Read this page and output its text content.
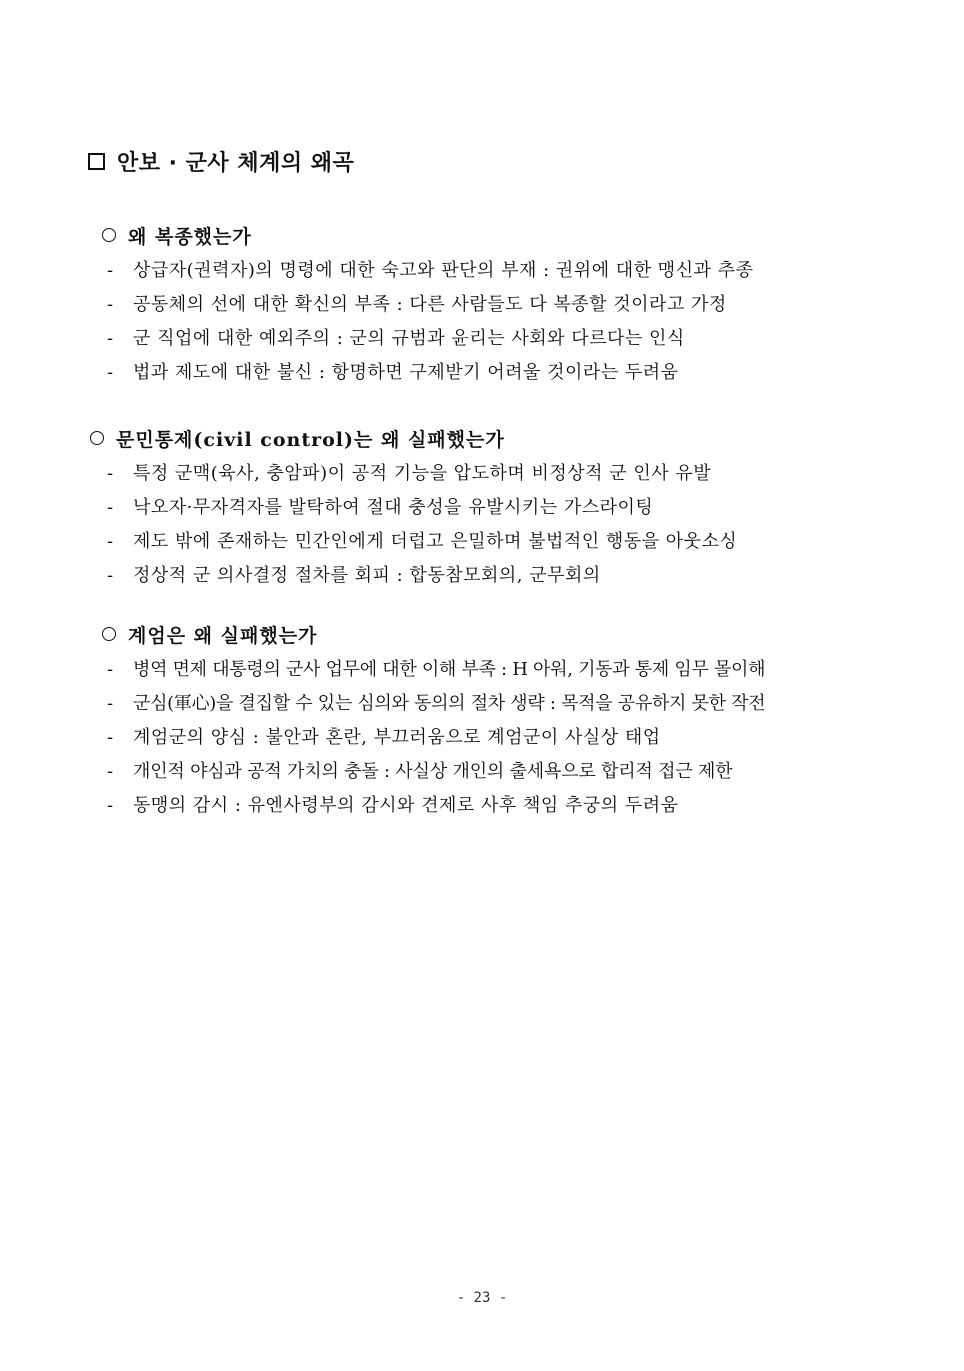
안보 · 군사 체계의 왜곡
왜 복종했는가
- 상급자(권력자)의 명령에 대한 숙고와 판단의 부재 : 권위에 대한 맹신과 추종
- 공동체의 선에 대한 확신의 부족 : 다른 사람들도 다 복종할 것이라고 가정
- 군 직업에 대한 예외주의 : 군의 규범과 윤리는 사회와 다르다는 인식
- 법과 제도에 대한 불신 : 항명하면 구제받기 어려울 것이라는 두려움
문민통제(civil control)는 왜 실패했는가
- 특정 군맥(육사, 충암파)이 공적 기능을 압도하며 비정상적 군 인사 유발
- 낙오자·무자격자를 발탁하여 절대 충성을 유발시키는 가스라이팅
- 제도 밖에 존재하는 민간인에게 더럽고 은밀하며 불법적인 행동을 아웃소싱
- 정상적 군 의사결정 절차를 회피 : 합동참모회의, 군무회의
계엄은 왜 실패했는가
- 병역 면제 대통령의 군사 업무에 대한 이해 부족 : H 아워, 기동과 통제 임무 몰이해
- 군심(軍心)을 결집할 수 있는 심의와 동의의 절차 생략 : 목적을 공유하지 못한 작전
- 계엄군의 양심 : 불안과 혼란, 부끄러움으로 계엄군이 사실상 태업
- 개인적 야심과 공적 가치의 충돌 : 사실상 개인의 출세욕으로 합리적 접근 제한
- 동맹의 감시 : 유엔사령부의 감시와 견제로 사후 책임 추궁의 두려움
- 23 -
